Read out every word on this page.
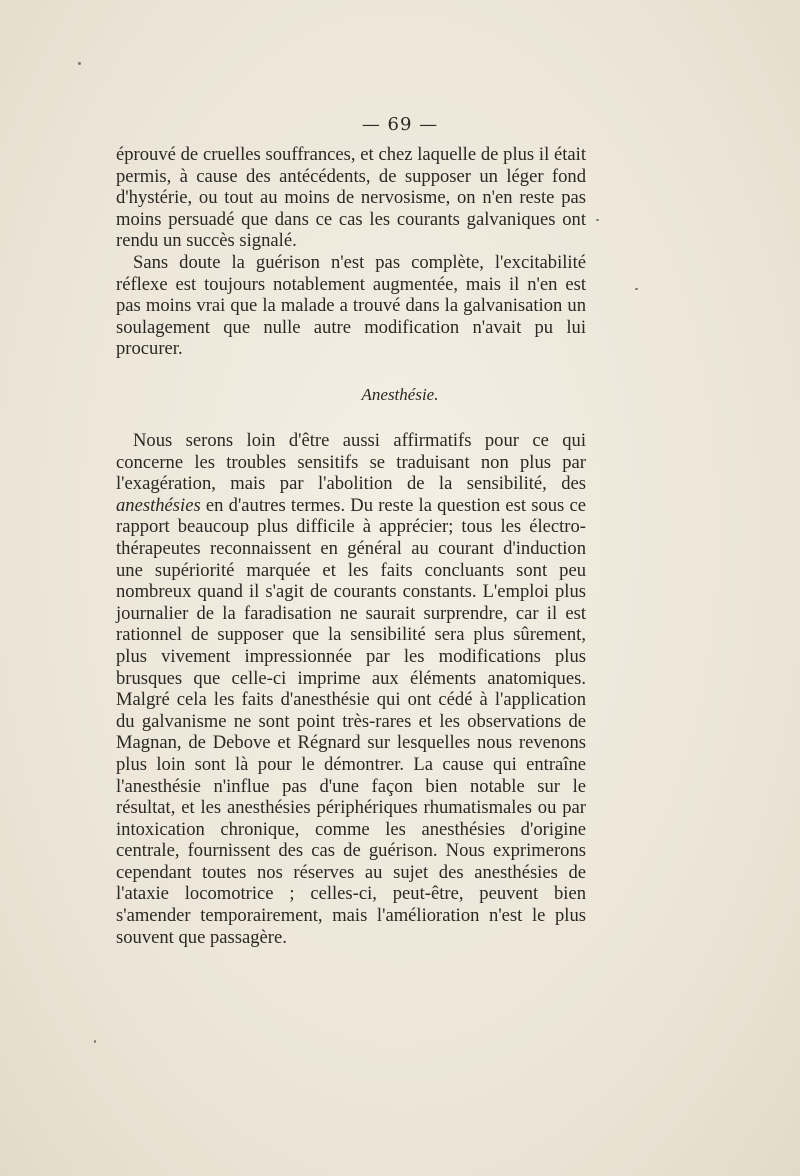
— 69 —

éprouvé de cruelles souffrances, et chez laquelle de plus il était permis, à cause des antécédents, de supposer un léger fond d'hystérie, ou tout au moins de nervosisme, on n'en reste pas moins persuadé que dans ce cas les courants galvaniques ont rendu un succès signalé.

Sans doute la guérison n'est pas complète, l'excitabilité réflexe est toujours notablement augmentée, mais il n'en est pas moins vrai que la malade a trouvé dans la galvanisation un soulagement que nulle autre modification n'avait pu lui procurer.

Anesthésie.

Nous serons loin d'être aussi affirmatifs pour ce qui concerne les troubles sensitifs se traduisant non plus par l'exagération, mais par l'abolition de la sensibilité, des anesthésies en d'autres termes. Du reste la question est sous ce rapport beaucoup plus difficile à apprécier; tous les électro-thérapeutes reconnaissent en général au courant d'induction une supériorité marquée et les faits concluants sont peu nombreux quand il s'agit de courants constants. L'emploi plus journalier de la faradisation ne saurait surprendre, car il est rationnel de supposer que la sensibilité sera plus sûrement, plus vivement impressionnée par les modifications plus brusques que celle-ci imprime aux éléments anatomiques. Malgré cela les faits d'anesthésie qui ont cédé à l'application du galvanisme ne sont point très-rares et les observations de Magnan, de Debove et Régnard sur lesquelles nous revenons plus loin sont là pour le démontrer. La cause qui entraîne l'anesthésie n'influe pas d'une façon bien notable sur le résultat, et les anesthésies périphériques rhumatismales ou par intoxication chronique, comme les anesthésies d'origine centrale, fournissent des cas de guérison. Nous exprimerons cependant toutes nos réserves au sujet des anesthésies de l'ataxie locomotrice ; celles-ci, peut-être, peuvent bien s'amender temporairement, mais l'amélioration n'est le plus souvent que passagère.
